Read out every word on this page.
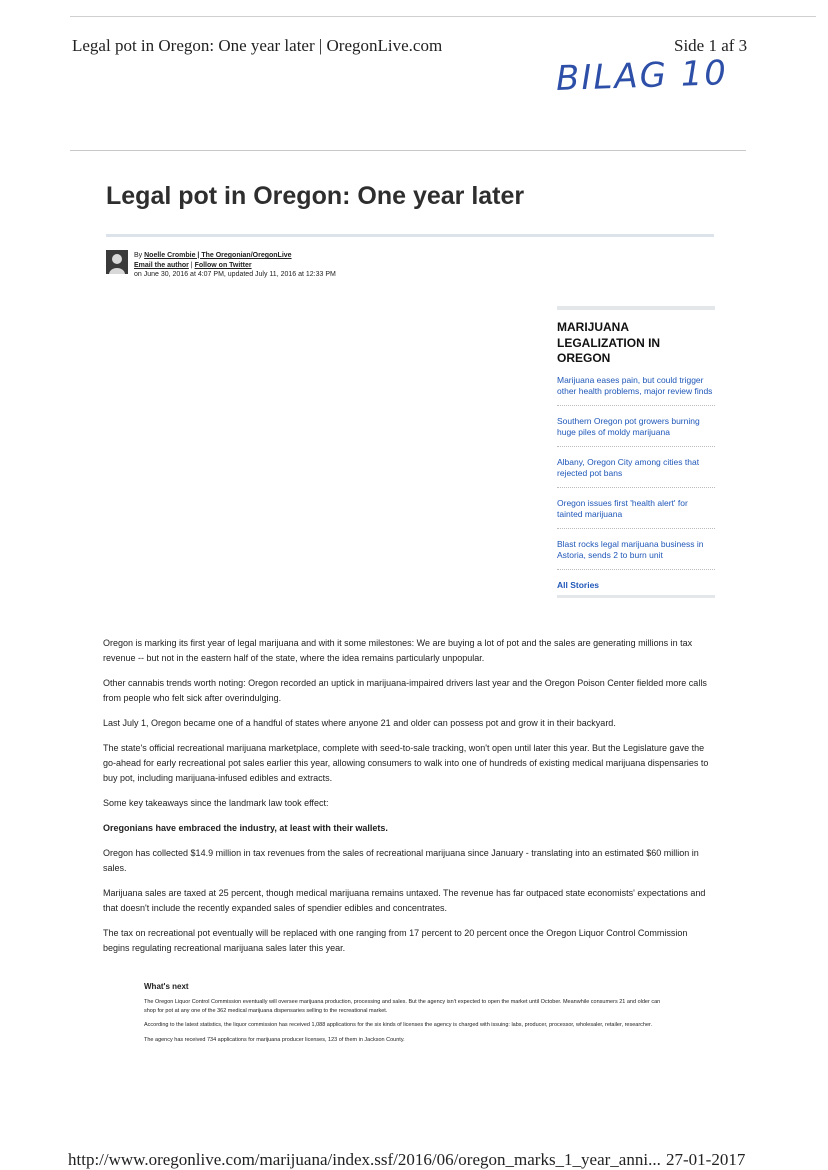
Legal pot in Oregon: One year later | OregonLive.com	Side 1 af 3
BILAG 10
Legal pot in Oregon: One year later
By Noelle Crombie | The Oregonian/OregonLive
Email the author | Follow on Twitter
on June 30, 2016 at 4:07 PM, updated July 11, 2016 at 12:33 PM
MARIJUANA LEGALIZATION IN OREGON
Marijuana eases pain, but could trigger other health problems, major review finds
Southern Oregon pot growers burning huge piles of moldy marijuana
Albany, Oregon City among cities that rejected pot bans
Oregon issues first 'health alert' for tainted marijuana
Blast rocks legal marijuana business in Astoria, sends 2 to burn unit
All Stories

Oregon is marking its first year of legal marijuana and with it some milestones: We are buying a lot of pot and the sales are generating millions in tax revenue -- but not in the eastern half of the state, where the idea remains particularly unpopular.

Other cannabis trends worth noting: Oregon recorded an uptick in marijuana-impaired drivers last year and the Oregon Poison Center fielded more calls from people who felt sick after overindulging.

Last July 1, Oregon became one of a handful of states where anyone 21 and older can possess pot and grow it in their backyard.

The state's official recreational marijuana marketplace, complete with seed-to-sale tracking, won't open until later this year. But the Legislature gave the go-ahead for early recreational pot sales earlier this year, allowing consumers to walk into one of hundreds of existing medical marijuana dispensaries to buy pot, including marijuana-infused edibles and extracts.

Some key takeaways since the landmark law took effect:

Oregonians have embraced the industry, at least with their wallets.

Oregon has collected $14.9 million in tax revenues from the sales of recreational marijuana since January - translating into an estimated $60 million in sales.

Marijuana sales are taxed at 25 percent, though medical marijuana remains untaxed. The revenue has far outpaced state economists' expectations and that doesn't include the recently expanded sales of spendier edibles and concentrates.

The tax on recreational pot eventually will be replaced with one ranging from 17 percent to 20 percent once the Oregon Liquor Control Commission begins regulating recreational marijuana sales later this year.

What's next

The Oregon Liquor Control Commission eventually will oversee marijuana production, processing and sales. But the agency isn't expected to open the market until October. Meanwhile consumers 21 and older can shop for pot at any one of the 362 medical marijuana dispensaries selling to the recreational market.

According to the latest statistics, the liquor commission has received 1,088 applications for the six kinds of licenses the agency is charged with issuing: labs, producer, processor, wholesaler, retailer, researcher.

The agency has received 734 applications for marijuana producer licenses, 123 of them in Jackson County.

http://www.oregonlive.com/marijuana/index.ssf/2016/06/oregon_marks_1_year_anni... 27-01-2017
